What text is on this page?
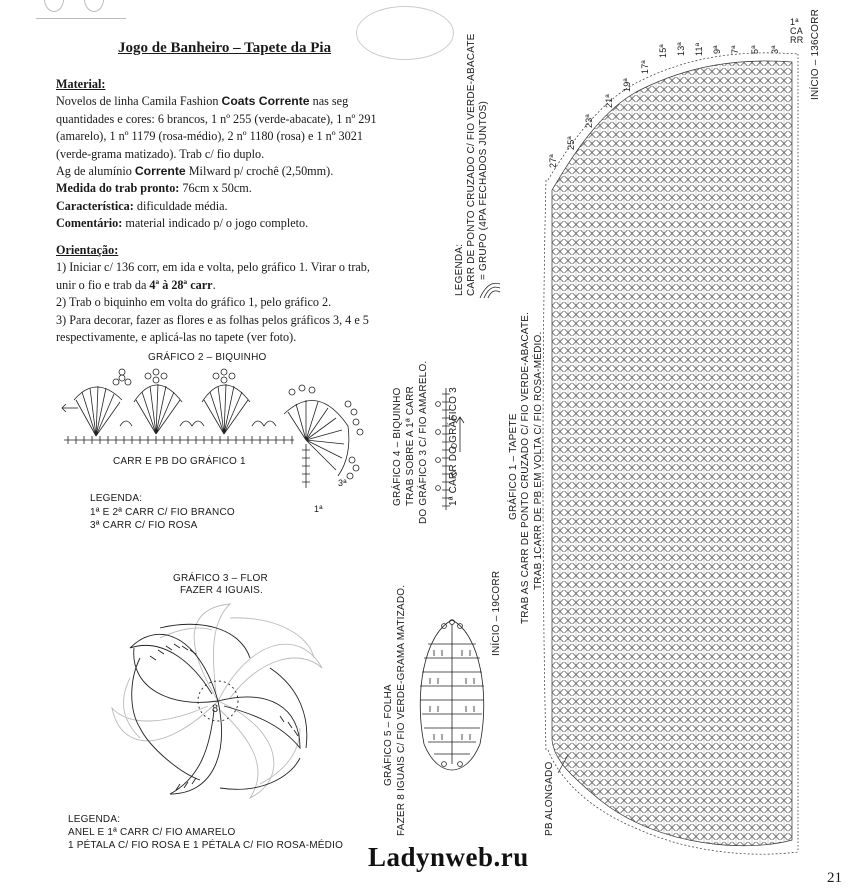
Jogo de Banheiro – Tapete da Pia
Material:
Novelos de linha Camila Fashion Coats Corrente nas seg
quantidades e cores: 6 brancos, 1 nº 255 (verde-abacate), 1 nº 291
(amarelo), 1 nº 1179 (rosa-médio), 2 nº 1180 (rosa) e 1 nº 3021
(verde-grama matizado). Trab c/ fio duplo.
Ag de alumínio Corrente Milward p/ crochê (2,50mm).
Medida do trab pronto: 76cm x 50cm.
Característica: dificuldade média.
Comentário: material indicado p/ o jogo completo.
Orientação:
1) Iniciar c/ 136 corr, em ida e volta, pelo gráfico 1. Virar o trab,
unir o fio e trab da 4ª à 28ª carr.
2) Trab o biquinho em volta do gráfico 1, pelo gráfico 2.
3) Para decorar, fazer as flores e as folhas pelos gráficos 3, 4 e 5
respectivamente, e aplicá-las no tapete (ver foto).
GRÁFICO 2 – BIQUINHO
CARR E PB DO GRÁFICO 1
3ª
1ª
LEGENDA:
1ª E 2ª CARR C/ FIO BRANCO
3ª CARR C/ FIO ROSA
GRÁFICO 3 – FLOR
FAZER 4 IGUAIS.
8
LEGENDA:
ANEL E 1ª CARR C/ FIO AMARELO
1 PÉTALA C/ FIO ROSA E 1 PÉTALA C/ FIO ROSA-MÉDIO
GRÁFICO 4 – BIQUINHO TRAB SOBRE A 1ª CARR DO GRÁFICO 3 C/ FIO AMARELO. 1ª CARR DO GRÁFICO 3
GRÁFICO 5 – FOLHA FAZER 8 IGUAIS C/ FIO VERDE-GRAMA MATIZADO.	INÍCIO – 19CORR
GRÁFICO 1 – TAPETE TRAB AS CARR DE PONTO CRUZADO C/ FIO VERDE-ABACATE. TRAB 1CARR DE PB EM VOLTA C/ FIO ROSA-MÉDIO.
LEGENDA: CARR DE PONTO CRUZADO C/ FIO VERDE-ABACATE = GRUPO (4PA FECHADOS JUNTOS)
1ª CARR
3ª
5ª
7ª
9ª
11ª
13ª
15ª
17ª
19ª
21ª
23ª
25ª
27ª
INÍCIO – 136CORR
PB ALONGADO
Ladynweb.ru
21
